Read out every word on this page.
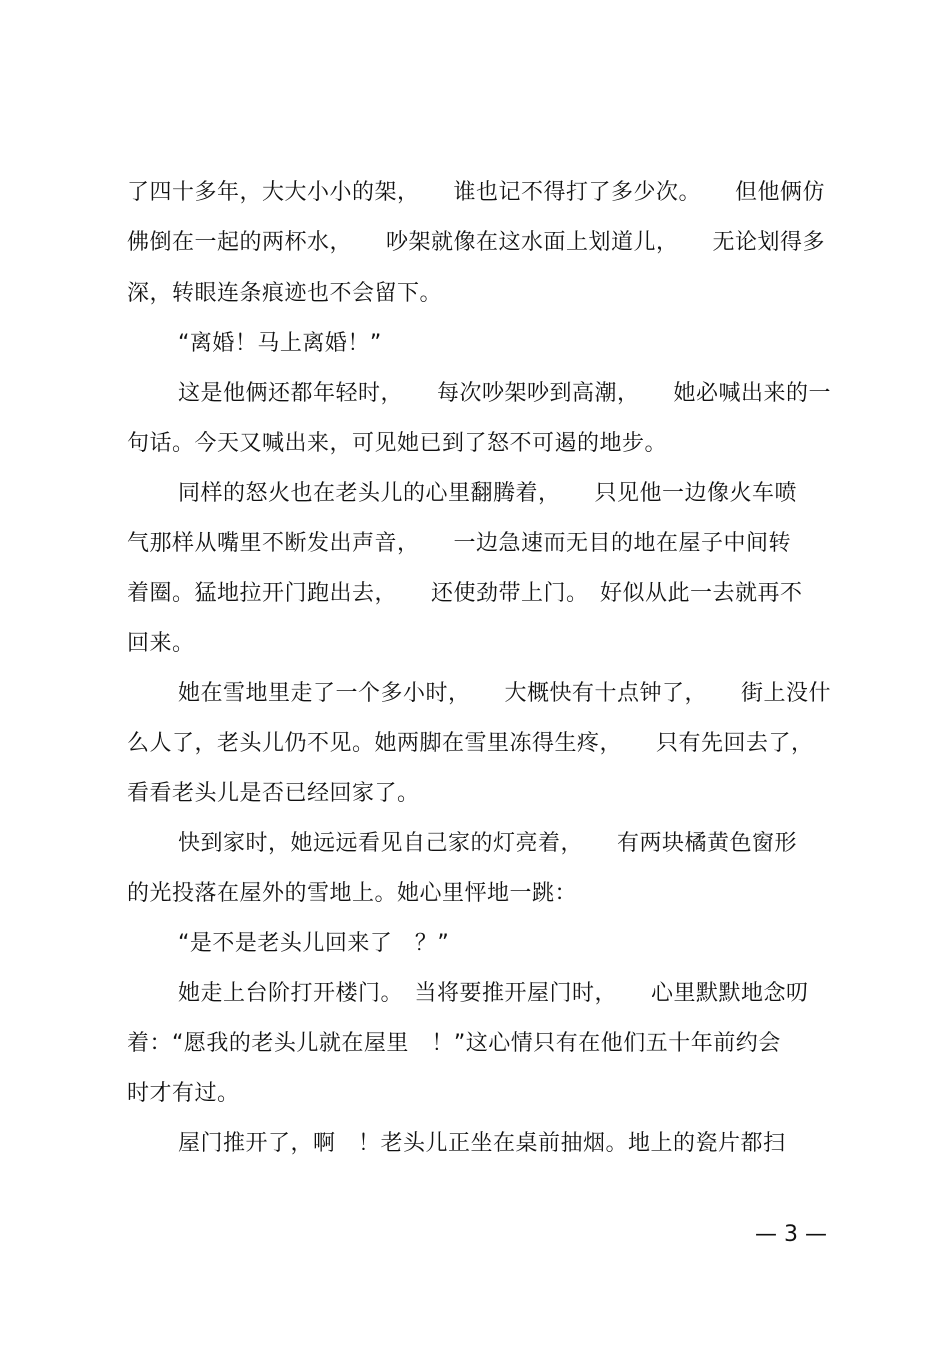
了四十多年，大大小小的架，　　谁也记不得打了多少次。　　但他俩仿
佛倒在一起的两杯水，　　吵架就像在这水面上划道儿，　　无论划得多
深，转眼连条痕迹也不会留下。
“离婚！马上离婚！”
这是他俩还都年轻时，　　每次吵架吵到高潮，　　她必喊出来的一
句话。今天又喊出来，可见她已到了怒不可遏的地步。
同样的怒火也在老头儿的心里翻腾着，　　只见他一边像火车喷
气那样从嘴里不断发出声音，　　一边急速而无目的地在屋子中间转
着圈。猛地拉开门跑出去，　　还使劲带上门。　好似从此一去就再不
回来。
她在雪地里走了一个多小时，　　大概快有十点钟了，　　街上没什
么人了，老头儿仍不见。她两脚在雪里冻得生疼，　　只有先回去了，
看看老头儿是否已经回家了。
快到家时，她远远看见自己家的灯亮着，　　有两块橘黄色窗形
的光投落在屋外的雪地上。她心里怦地一跳：
“是不是老头儿回来了　？”
她走上台阶打开楼门。　当将要推开屋门时，　　心里默默地念叨
着：“愿我的老头儿就在屋里　！”这心情只有在他们五十年前约会
时才有过。
屋门推开了，啊　！老头儿正坐在桌前抽烟。地上的瓷片都扫
— 3 —
